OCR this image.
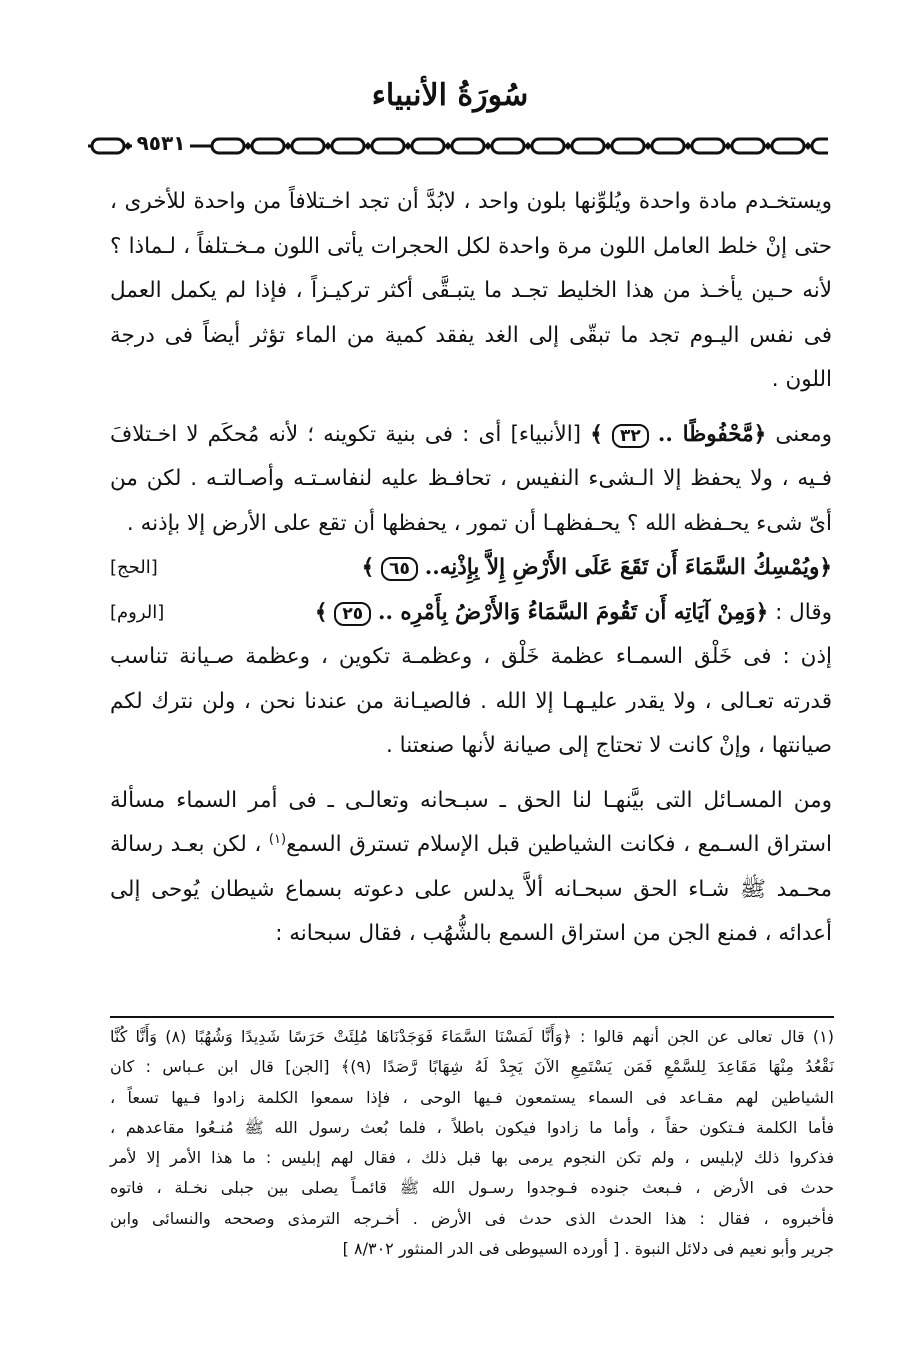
سُورَةُ الأنبياء
٩٥٣١

ويستخـدم مادة واحدة ويُلوِّنها بلون واحد ، لابُدَّ أن تجد اخـتلافاً من واحدة للأخرى ، حتى إنْ خلط العامل اللون مرة واحدة لكل الحجرات يأتى اللون مـخـتلفاً ، لـماذا ؟ لأنه حـين يأخـذ من هذا الخليط تجـد ما يتبـقَّى أكثر تركيـزاً ، فإذا لم يكمل العمل فى نفس اليـوم تجد ما تبقّى إلى الغد يفقد كمية من الماء تؤثر أيضاً فى درجة اللون .

ومعنى ﴿مَّحْفُوظًا .. ٣٢ ﴾ [الأنبياء] أى : فى بنية تكوينه ؛ لأنه مُحكَم لا اخـتلافَ فـيه ، ولا يحفظ إلا الـشىء النفيس ، تحافـظ عليه لنفاسـتـه وأصـالتـه . لكن من أىّ شىء يحـفظه الله ؟ يحـفظهـا أن تمور ، يحفظها أن تقع على الأرض إلا بإذنه .

﴿ويُمْسِكُ السَّمَاءَ أَن تَقَعَ عَلَى الأَرْضِ إِلاَّ بِإِذْنِه.. ٦٥ ﴾
[الحج]
وقال : ﴿وَمِنْ آيَاتِه أَن تَقُومَ السَّمَاءُ وَالأَرْضُ بِأَمْرِه .. ٢٥ ﴾
[الروم]

إذن : فى خَلْق السمـاء عظمة خَلْق ، وعظمـة تكوين ، وعظمة صـيانة تناسب قدرته تعـالى ، ولا يقدر عليـهـا إلا الله . فالصيـانة من عندنا نحن ، ولن نترك لكم صيانتها ، وإنْ كانت لا تحتاج إلى صيانة لأنها صنعتنا .

ومن المسـائل التى بيَّنهـا لنا الحق ـ سبـحانه وتعالـى ـ فى أمر السماء مسألة استراق السـمع ، فكانت الشياطين قبل الإسلام تسترق السمع$^{(١)}$ ، لكن بعـد رسالة محـمد ﷺ شـاء الحق سبحـانه ألاَّ يدلس على دعوته بسماع شيطان يُوحى إلى أعدائه ، فمنع الجن من استراق السمع بالشُّهُب ، فقال سبحانه :

(١) قال تعالى عن الجن أنهم قالوا : ﴿وَأَنَّا لَمَسْنَا السَّمَاءَ فَوَجَدْنَاهَا مُلِئَتْ حَرَسًا شَدِيدًا وَشُهُبًا (٨) وَأَنَّا كُنَّا
نَقْعُدُ مِنْهَا مَقَاعِدَ لِلسَّمْعِ فَمَن يَسْتَمِعِ الآنَ يَجِدْ لَهُ شِهَابًا رَّصَدًا (٩)﴾ [الجن] قال ابن عـباس : كان
الشياطين لهم مقـاعد فى السماء يستمعون فـيها الوحى ، فإذا سمعوا الكلمة زادوا فـيها تسعاً ،
فأما الكلمة فـتكون حقاً ، وأما ما زادوا فيكون باطلاً ، فلما بُعث رسول الله ﷺ مُنـعُوا مقاعدهم ،
فذكروا ذلك لإبليس ، ولم تكن النجوم يرمى بها قبل ذلك ، فقال لهم إبليس : ما هذا الأمر إلا لأمر
حدث فى الأرض ، فـبعث جنوده فـوجدوا رسـول الله ﷺ قائمـاً يصلى بين جبلى نخـلة ، فاتوه
فأخبروه ، فقال : هذا الحدث الذى حدث فى الأرض . أخـرجه الترمذى وصححه والنسائى وابن
جرير وأبو نعيم فى دلائل النبوة . [ أورده السيوطى فى الدر المنثور ٨/٣٠٢ ]
